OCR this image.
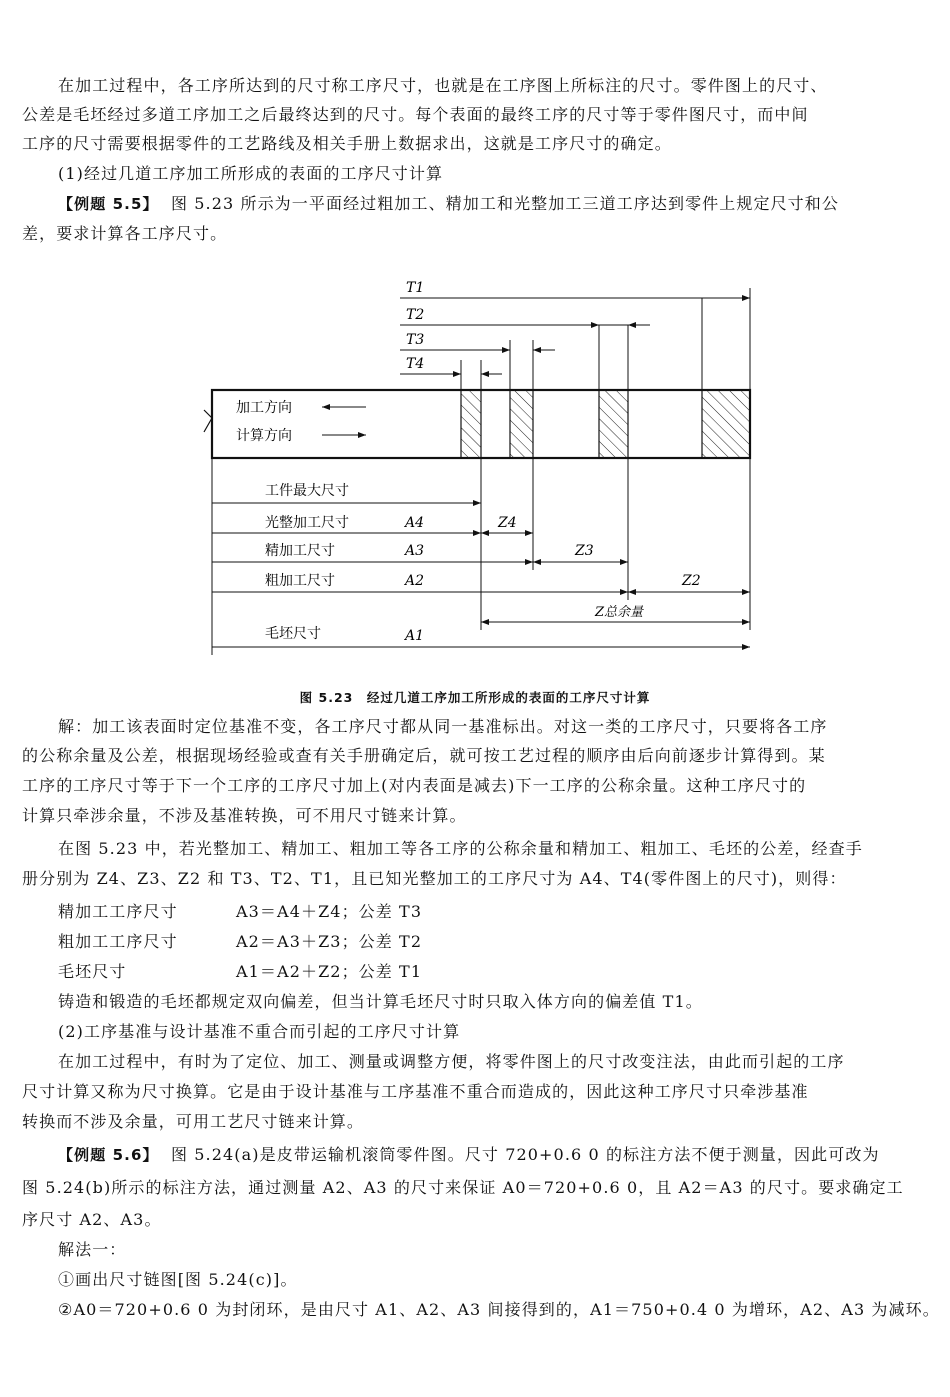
在加工过程中，各工序所达到的尺寸称工序尺寸，也就是在工序图上所标注的尺寸。零件图上的尺寸、
公差是毛坯经过多道工序加工之后最终达到的尺寸。每个表面的最终工序的尺寸等于零件图尺寸，而中间
工序的尺寸需要根据零件的工艺路线及相关手册上数据求出，这就是工序尺寸的确定。
(1)经过几道工序加工所形成的表面的工序尺寸计算
【例题 5.5】 图 5.23 所示为一平面经过粗加工、精加工和光整加工三道工序达到零件上规定尺寸和公
差，要求计算各工序尺寸。
T1
T2
T3
T4
加工方向
计算方向
工件最大尺寸
光整加工尺寸	A4	Z4
精加工尺寸	A3	Z3
粗加工尺寸	A2	Z2
Z总余量
毛坯尺寸	A1
图 5.23　经过几道工序加工所形成的表面的工序尺寸计算
解：加工该表面时定位基准不变，各工序尺寸都从同一基准标出。对这一类的工序尺寸，只要将各工序
的公称余量及公差，根据现场经验或查有关手册确定后，就可按工艺过程的顺序由后向前逐步计算得到。某
工序的工序尺寸等于下一个工序的工序尺寸加上(对内表面是减去)下一工序的公称余量。这种工序尺寸的
计算只牵涉余量，不涉及基准转换，可不用尺寸链来计算。
在图 5.23 中，若光整加工、精加工、粗加工等各工序的公称余量和精加工、粗加工、毛坯的公差，经查手
册分别为 Z4、Z3、Z2 和 T3、T2、T1，且已知光整加工的工序尺寸为 A4、T4(零件图上的尺寸)，则得：
精加工工序尺寸	A3＝A4＋Z4；公差 T3
粗加工工序尺寸	A2＝A3＋Z3；公差 T2
毛坯尺寸	A1＝A2＋Z2；公差 T1
铸造和锻造的毛坯都规定双向偏差，但当计算毛坯尺寸时只取入体方向的偏差值 T1。
(2)工序基准与设计基准不重合而引起的工序尺寸计算
在加工过程中，有时为了定位、加工、测量或调整方便，将零件图上的尺寸改变注法，由此而引起的工序
尺寸计算又称为尺寸换算。它是由于设计基准与工序基准不重合而造成的，因此这种工序尺寸只牵涉基准
转换而不涉及余量，可用工艺尺寸链来计算。
【例题 5.6】 图 5.24(a)是皮带运输机滚筒零件图。尺寸 720+0.6 0 的标注方法不便于测量，因此可改为
图 5.24(b)所示的标注方法，通过测量 A2、A3 的尺寸来保证 A0＝720+0.6 0，且 A2＝A3 的尺寸。要求确定工
序尺寸 A2、A3。
解法一：
①画出尺寸链图[图 5.24(c)]。
②A0＝720+0.6 0 为封闭环，是由尺寸 A1、A2、A3 间接得到的，A1＝750+0.4 0 为增环，A2、A3 为减环。
